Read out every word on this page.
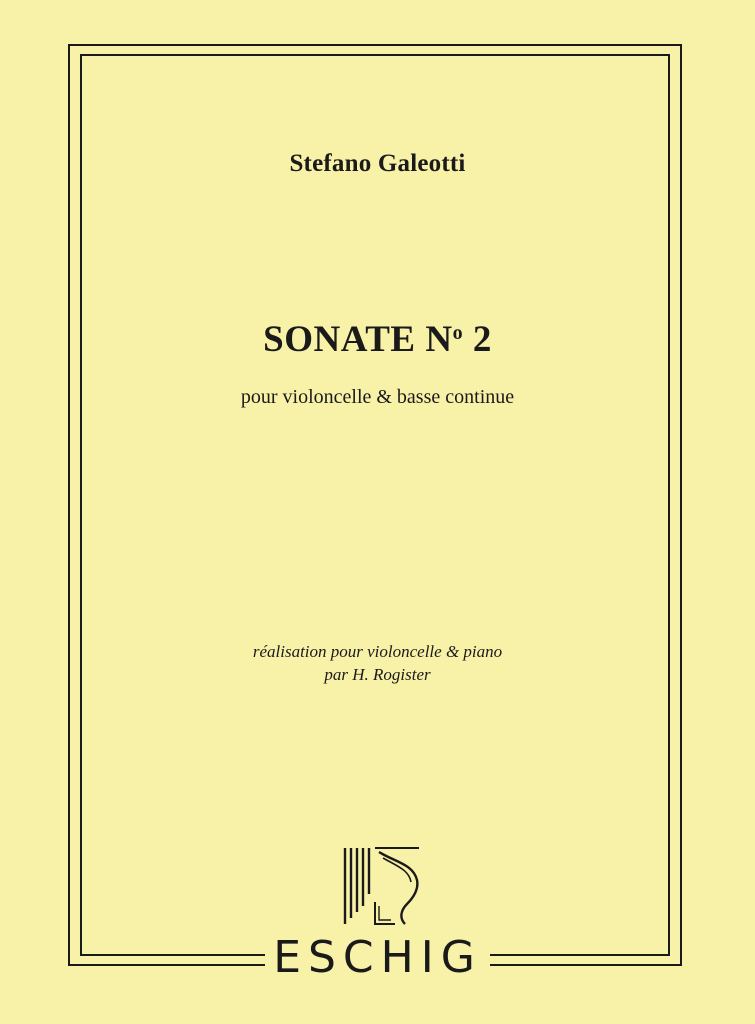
Stefano Galeotti
SONATE $N^o$ 2
pour violoncelle & basse continue
réalisation pour violoncelle & piano
par H. Rogister
ESCHIG
